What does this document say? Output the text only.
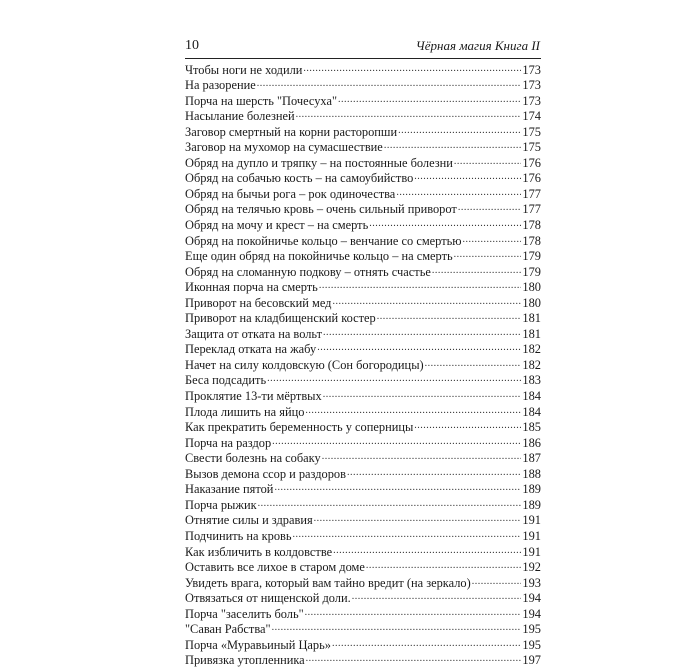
10	Чёрная магия Книга II
Чтобы ноги не ходили .....	173
На разорение .....	173
Порча на шерсть "Почесуха" .....	173
Насылание болезней .....	174
Заговор смертный на корни расторопши .....	175
Заговор на мухомор на сумасшествие .....	175
Обряд на дупло и тряпку – на постоянные болезни .....	176
Обряд на собачью кость – на самоубийство .....	176
Обряд на бычьи рога – рок одиночества .....	177
Обряд на телячью кровь – очень сильный приворот .....	177
Обряд на мочу и крест – на смерть .....	178
Обряд на покойничье кольцо – венчание со смертью .....	178
Еще один обряд на покойничье кольцо – на смерть .....	179
Обряд на сломанную подкову – отнять счастье .....	179
Иконная порча на смерть .....	180
Приворот на бесовский мед .....	180
Приворот на кладбищенский костер .....	181
Защита от отката на вольт .....	181
Переклад отката на жабу .....	182
Начет на силу колдовскую (Сон богородицы) .....	182
Беса подсадить .....	183
Проклятие 13-ти мёртвых .....	184
Плода лишить на яйцо .....	184
Как прекратить беременность у соперницы .....	185
Порча на раздор .....	186
Свести болезнь на собаку .....	187
Вызов демона ссор и раздоров .....	188
Наказание пятой .....	189
Порча рыжик .....	189
Отнятие силы и здравия .....	191
Подчинить на кровь .....	191
Как избличить в колдовстве .....	191
Оставить все лихое в старом доме .....	192
Увидеть врага, который вам тайно вредит (на зеркало) .....	193
Отвязаться от нищенской доли. .....	194
Порча "заселить боль" .....	194
"Саван Рабства" .....	195
Порча «Муравьиный Царь» .....	195
Привязка утопленника .....	197
